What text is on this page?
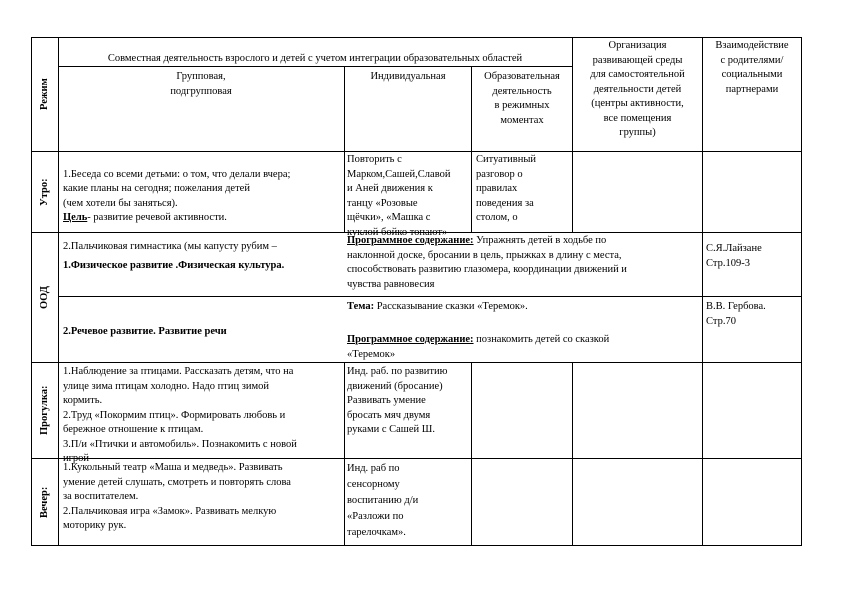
Режим
Совместная деятельность взрослого и детей с учетом интеграции образовательных областей
Групповая,
подгрупповая
Индивидуальная	Образовательная
деятельность
в режимных
моментах
Организация
развивающей среды
для самостоятельной
деятельности детей
(центры активности,
все помещения
группы)
Взаимодействие
с родителями/
социальными
партнерами
Утро:

1.Беседа со всеми детьми: о том, что делали вчера;
какие планы на сегодня; пожелания детей
(чем хотели бы заняться).

Цель- развитие речевой активности.

2.Пальчиковая гимнастика (мы капусту рубим –

Повторить с
Марком,Сашей,Славой
и Аней движения к
танцу «Розовые
щёчки», «Машка с
куклой бойко топают»
Ситуативный
разговор о
правилах
поведения за
столом, о
ООД
1.Физическое развитие .Физическая культура.
Программное содержание: Упражнять детей в ходьбе по
наклонной доске, бросании в цель, прыжках в длину с места,
способствовать развитию глазомера, координации движений и
чувства равновесия
С.Я.Лайзане
Стр.109-3
2.Речевое развитие. Развитие речи
Тема: Рассказывание сказки «Теремок».
Программное содержание: познакомить детей со сказкой
«Теремок»
В.В. Гербова.
Стр.70
Прогулка:
1.Наблюдение за птицами. Рассказать детям, что на
улице зима птицам холодно. Надо птиц зимой
кормить.
2.Труд «Покормим птиц». Формировать любовь и
бережное отношение к птицам.
3.П/и «Птички и автомобиль». Познакомить с новой
игрой
Инд. раб. по развитию
движений (бросание)
Развивать умение
бросать мяч двумя
руками с Сашей Ш.
Вечер:
1.Кукольный театр «Маша и медведь». Развивать
умение детей слушать, смотреть и повторять слова
за воспитателем.
2.Пальчиковая игра «Замок». Развивать мелкую
моторику рук.
Инд. раб по
сенсорному
воспитанию д/и
«Разложи по
тарелочкам».
